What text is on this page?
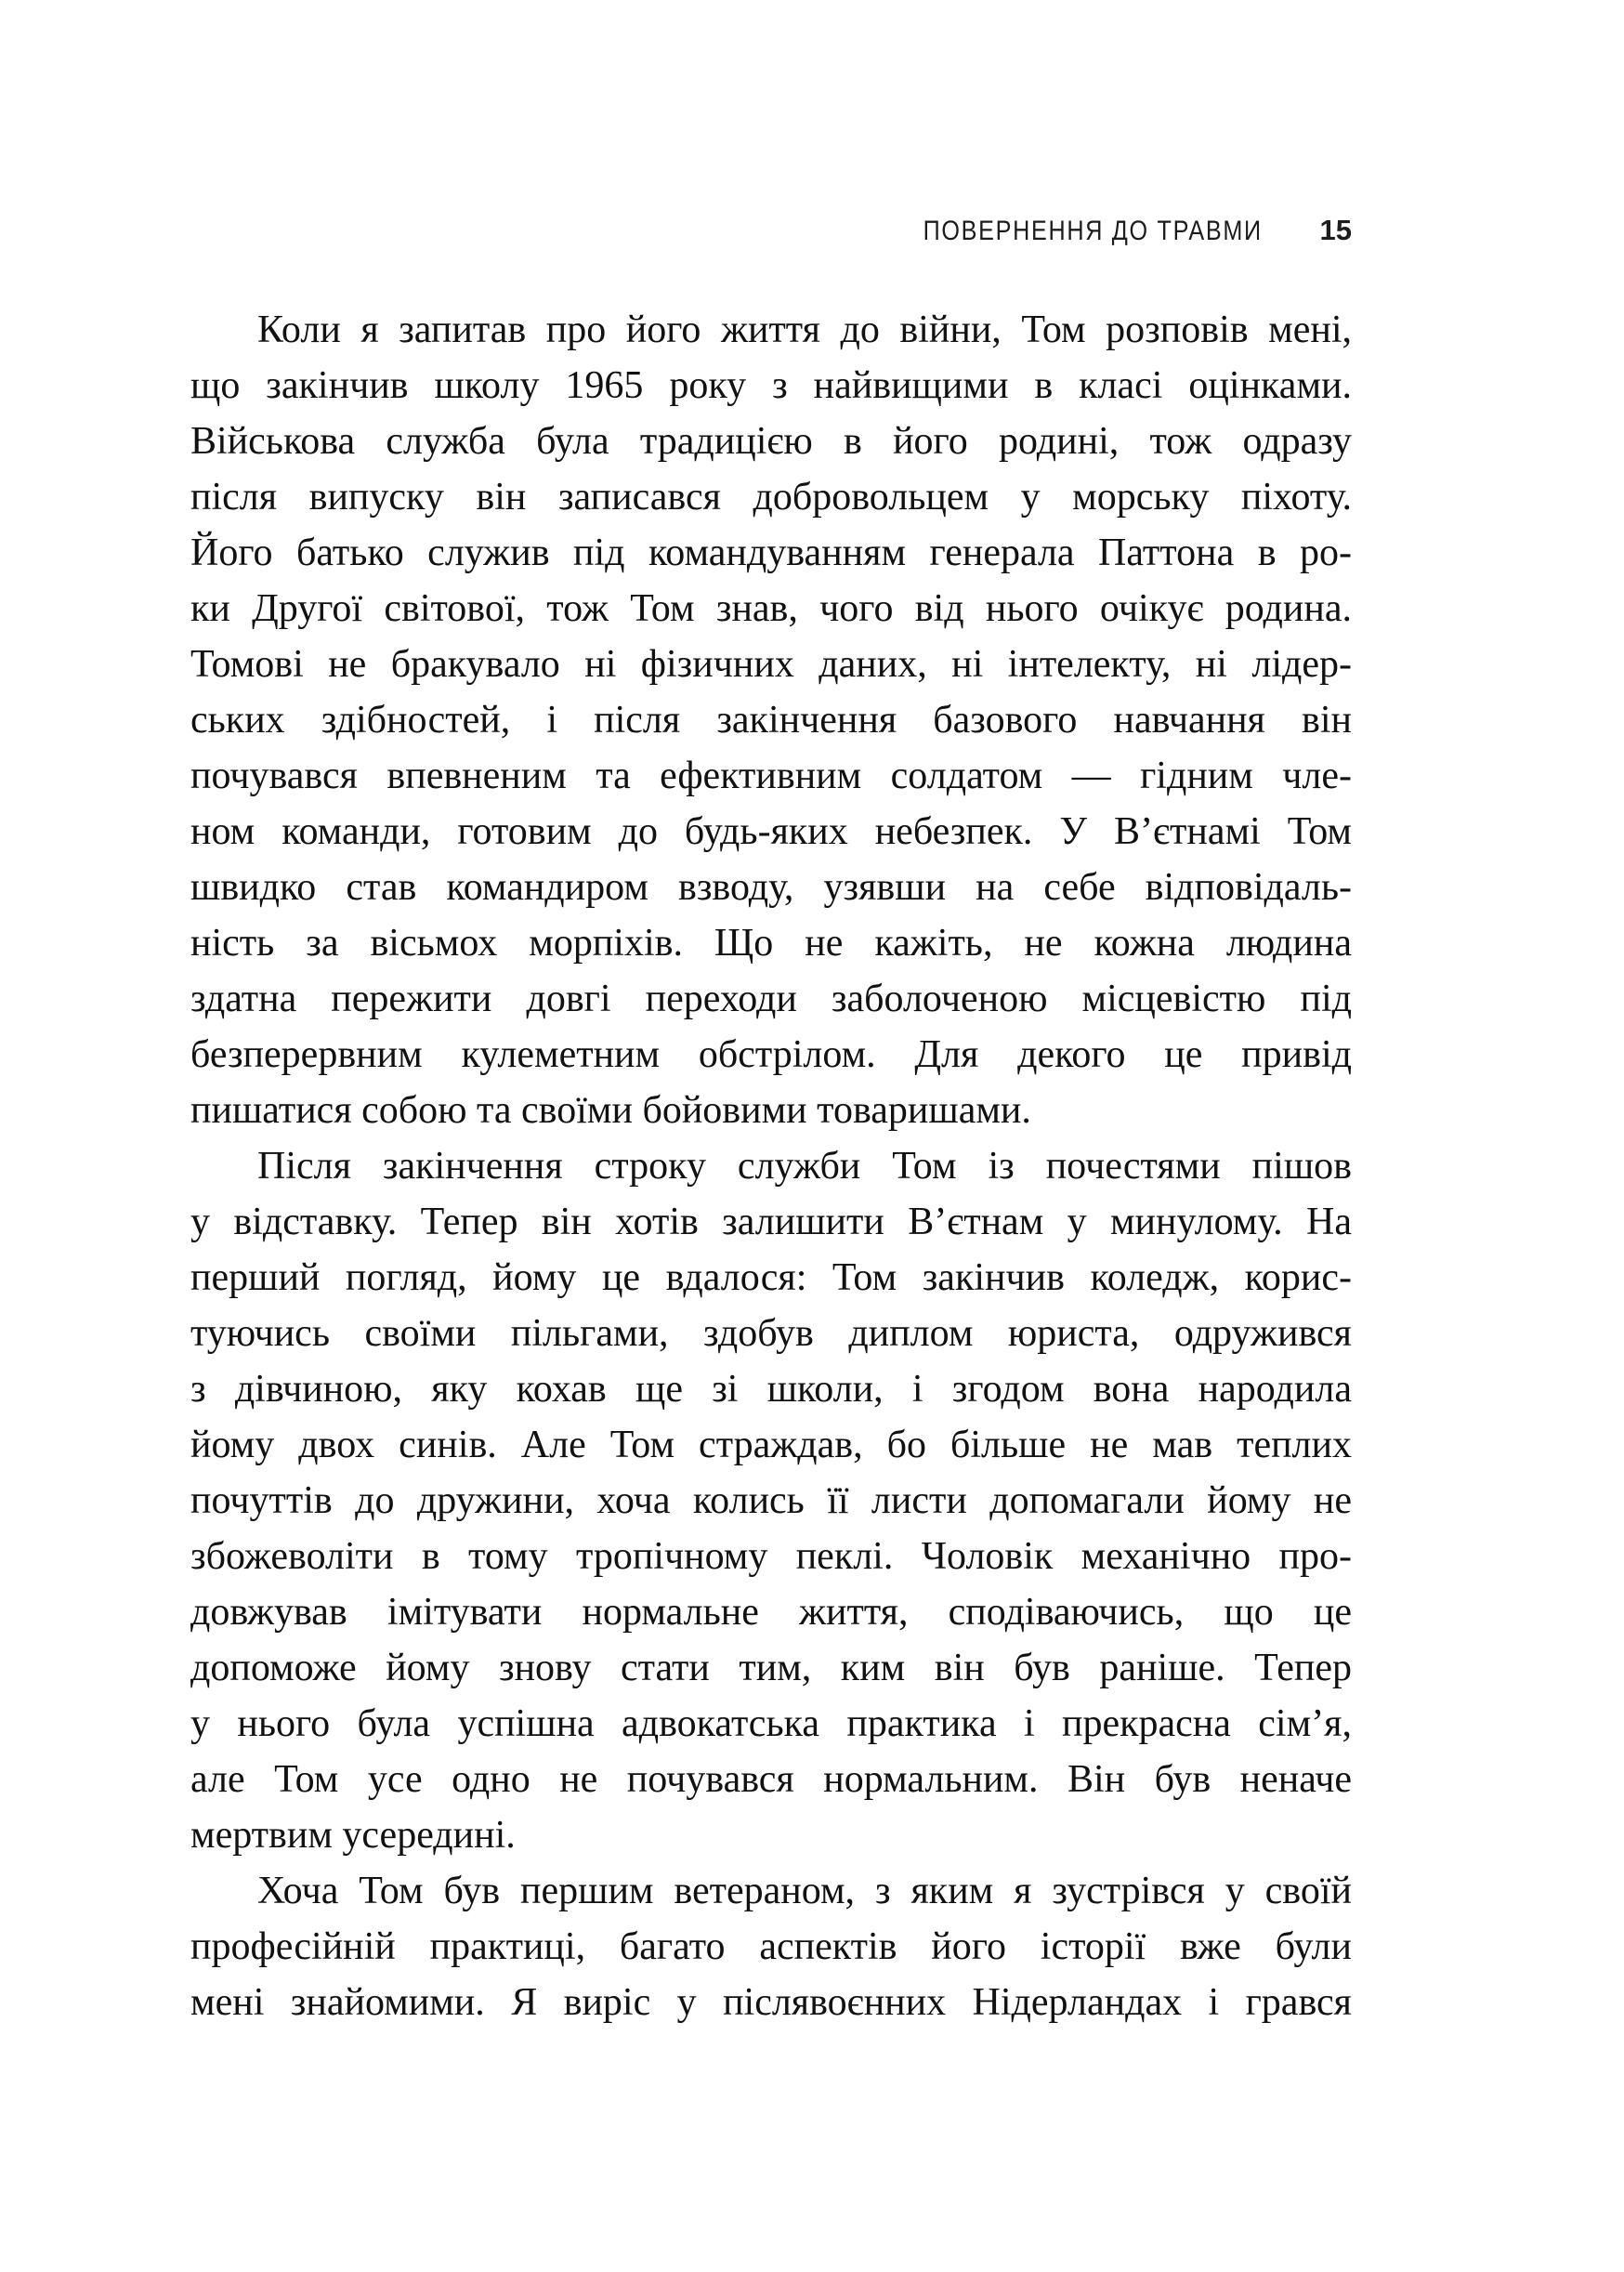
ПОВЕРНЕННЯ ДО ТРАВМИ 15
Коли я запитав про його життя до війни, Том розповів мені,
що закінчив школу 1965 року з найвищими в класі оцінками.
Військова служба була традицією в його родині, тож одразу
після випуску він записався добровольцем у морську піхоту.
Його батько служив під командуванням генерала Паттона в ро-
ки Другої світової, тож Том знав, чого від нього очікує родина.
Томові не бракувало ні фізичних даних, ні інтелекту, ні лідер-
ських здібностей, і після закінчення базового навчання він
почувався впевненим та ефективним солдатом — гідним чле-
ном команди, готовим до будь-яких небезпек. У В’єтнамі Том
швидко став командиром взводу, узявши на себе відповідаль-
ність за вісьмох морпіхів. Що не кажіть, не кожна людина
здатна пережити довгі переходи заболоченою місцевістю під
безперервним кулеметним обстрілом. Для декого це привід
пишатися собою та своїми бойовими товаришами.
Після закінчення строку служби Том із почестями пішов
у відставку. Тепер він хотів залишити В’єтнам у минулому. На
перший погляд, йому це вдалося: Том закінчив коледж, корис-
туючись своїми пільгами, здобув диплом юриста, одружився
з дівчиною, яку кохав ще зі школи, і згодом вона народила
йому двох синів. Але Том страждав, бо більше не мав теплих
почуттів до дружини, хоча колись її листи допомагали йому не
збожеволіти в тому тропічному пеклі. Чоловік механічно про-
довжував імітувати нормальне життя, сподіваючись, що це
допоможе йому знову стати тим, ким він був раніше. Тепер
у нього була успішна адвокатська практика і прекрасна сім’я,
але Том усе одно не почувався нормальним. Він був неначе
мертвим усередині.
Хоча Том був першим ветераном, з яким я зустрівся у своїй
професійній практиці, багато аспектів його історії вже були
мені знайомими. Я виріс у післявоєнних Нідерландах і грався
